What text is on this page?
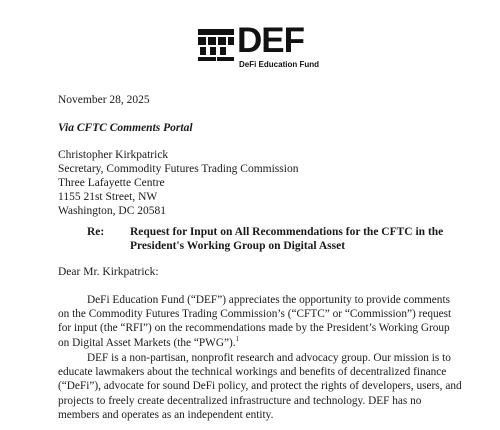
DEF
DeFi Education Fund
November 28, 2025
Via CFTC Comments Portal
Christopher Kirkpatrick
Secretary, Commodity Futures Trading Commission
Three Lafayette Centre
1155 21st Street, NW
Washington, DC 20581
Re: Request for Input on All Recommendations for the CFTC in the
President's Working Group on Digital Asset
Dear Mr. Kirkpatrick:
DeFi Education Fund (“DEF”) appreciates the opportunity to provide comments on the Commodity Futures Trading Commission’s (“CFTC” or “Commission”) request for input (the “RFI”) on the recommendations made by the President’s Working Group on Digital Asset Markets (the “PWG”).$^1$
DEF is a non-partisan, nonprofit research and advocacy group. Our mission is to educate lawmakers about the technical workings and benefits of decentralized finance (“DeFi”), advocate for sound DeFi policy, and protect the rights of developers, users, and projects to freely create decentralized infrastructure and technology. DEF has no members and operates as an independent entity.
